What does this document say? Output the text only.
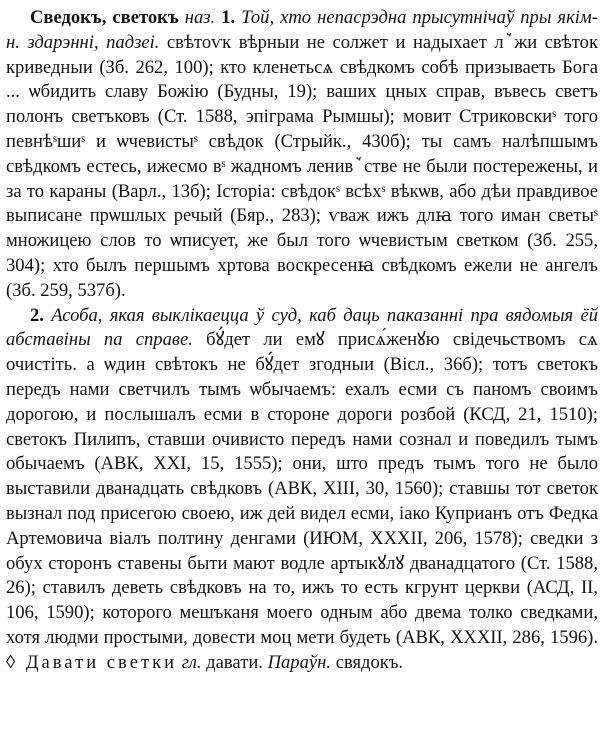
Сведокъ, светокъ наз. 1. Той, хто непасрэдна прысутнічаў пры якім-н. здарэнні, падзеі. свѣтоѵк вѣрныи не солжет и надыхает лꙿжи свѣток криведныи (Зб. 262, 100); кто кленетьсѧ свѣдкомъ собѣ призываеть Бога ... ѡбидить славу Божiю (Будны, 19); ваших цных справ, въвесь светъ полонъ светъковъ (Ст. 1588, эпiграма Рымшы); мовит Стриковскиˢ того певнѣˢшиˢ и ѡчевистыˢ свѣдок (Стрыйк., 430б); ты самъ налѣпшымъ свѣдкомъ естесь, ижесмо вˢ жадномъ ленивꙿстве не были постережены, и за то караны (Варл., 13б); Iсторiа: свѣдокˢ всѣхˢ вѣкѡв, або дѣи правдивое выписане прѡшлых речый (Бяр., 283); ѵваж ижъ длꙗ того иман светыˢ множицею слов то ѡписует, же был того ѡчевистым светком (Зб. 255, 304); хто былъ першымъ хртова воскресенꙗ свѣдкомъ ежели не ангелъ (Зб. 259, 537б).

2. Асоба, якая выклікаецца ў суд, каб даць паказанні пра вядомыя ёй абставіны па справе. бꙋ́дет ли емꙋ присѧ́женꙋю свiдечьствомъ сѧ очистiть. а ѡдин свѣтокъ не бꙋ́дет згодныи (Вiсл., 36б); тотъ светокъ передъ нами светчилъ тымъ ѡбычаемъ: ехалъ есми съ паномъ своимъ дорогою, и послышалъ есми в стороне дороги розбой (КСД, 21, 1510); светокъ Пилипъ, ставши очивисто передъ нами сознал и поведилъ тымъ обычаемъ (АВК, XXI, 15, 1555); они, што предъ тымъ того не было выставили дванадцать свѣдковъ (АВК, XIII, 30, 1560); ставшы тот светок вызнал под присегою своею, иж дей видел есми, iако Куприанъ отъ Федка Артемовича вiалъ полтину денгами (ИЮМ, XXXII, 206, 1578); сведки з обух сторонъ ставены быти мают водле артыкꙋлꙋ дванадцатого (Ст. 1588, 26); ставилъ деветь свѣдковъ на то, ижъ то есть кгрунт церкви (АСД, II, 106, 1590); которого мешъканя моего одным або двема толко сведками, хотя людми простыми, довести моц мети будеть (АВК, XXXII, 286, 1596). ◊ Давати светки гл. давати. Параўн. свядокъ.
